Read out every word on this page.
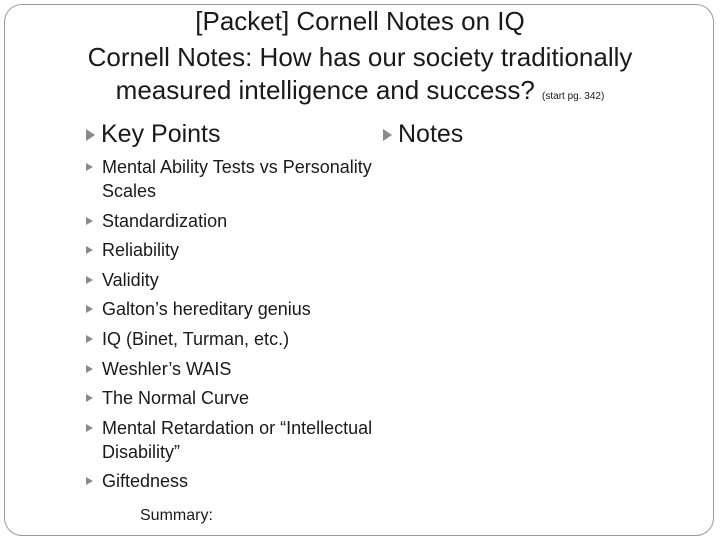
[Packet] Cornell Notes on IQ
Cornell Notes: How has our society traditionally
measured intelligence and success? (start pg. 342)
Key Points	Notes
Mental Ability Tests vs Personality Scales
Standardization
Reliability
Validity
Galton’s hereditary genius
IQ (Binet, Turman, etc.)
Weshler’s WAIS
The Normal Curve
Mental Retardation or “Intellectual Disability”
Giftedness
Summary:
